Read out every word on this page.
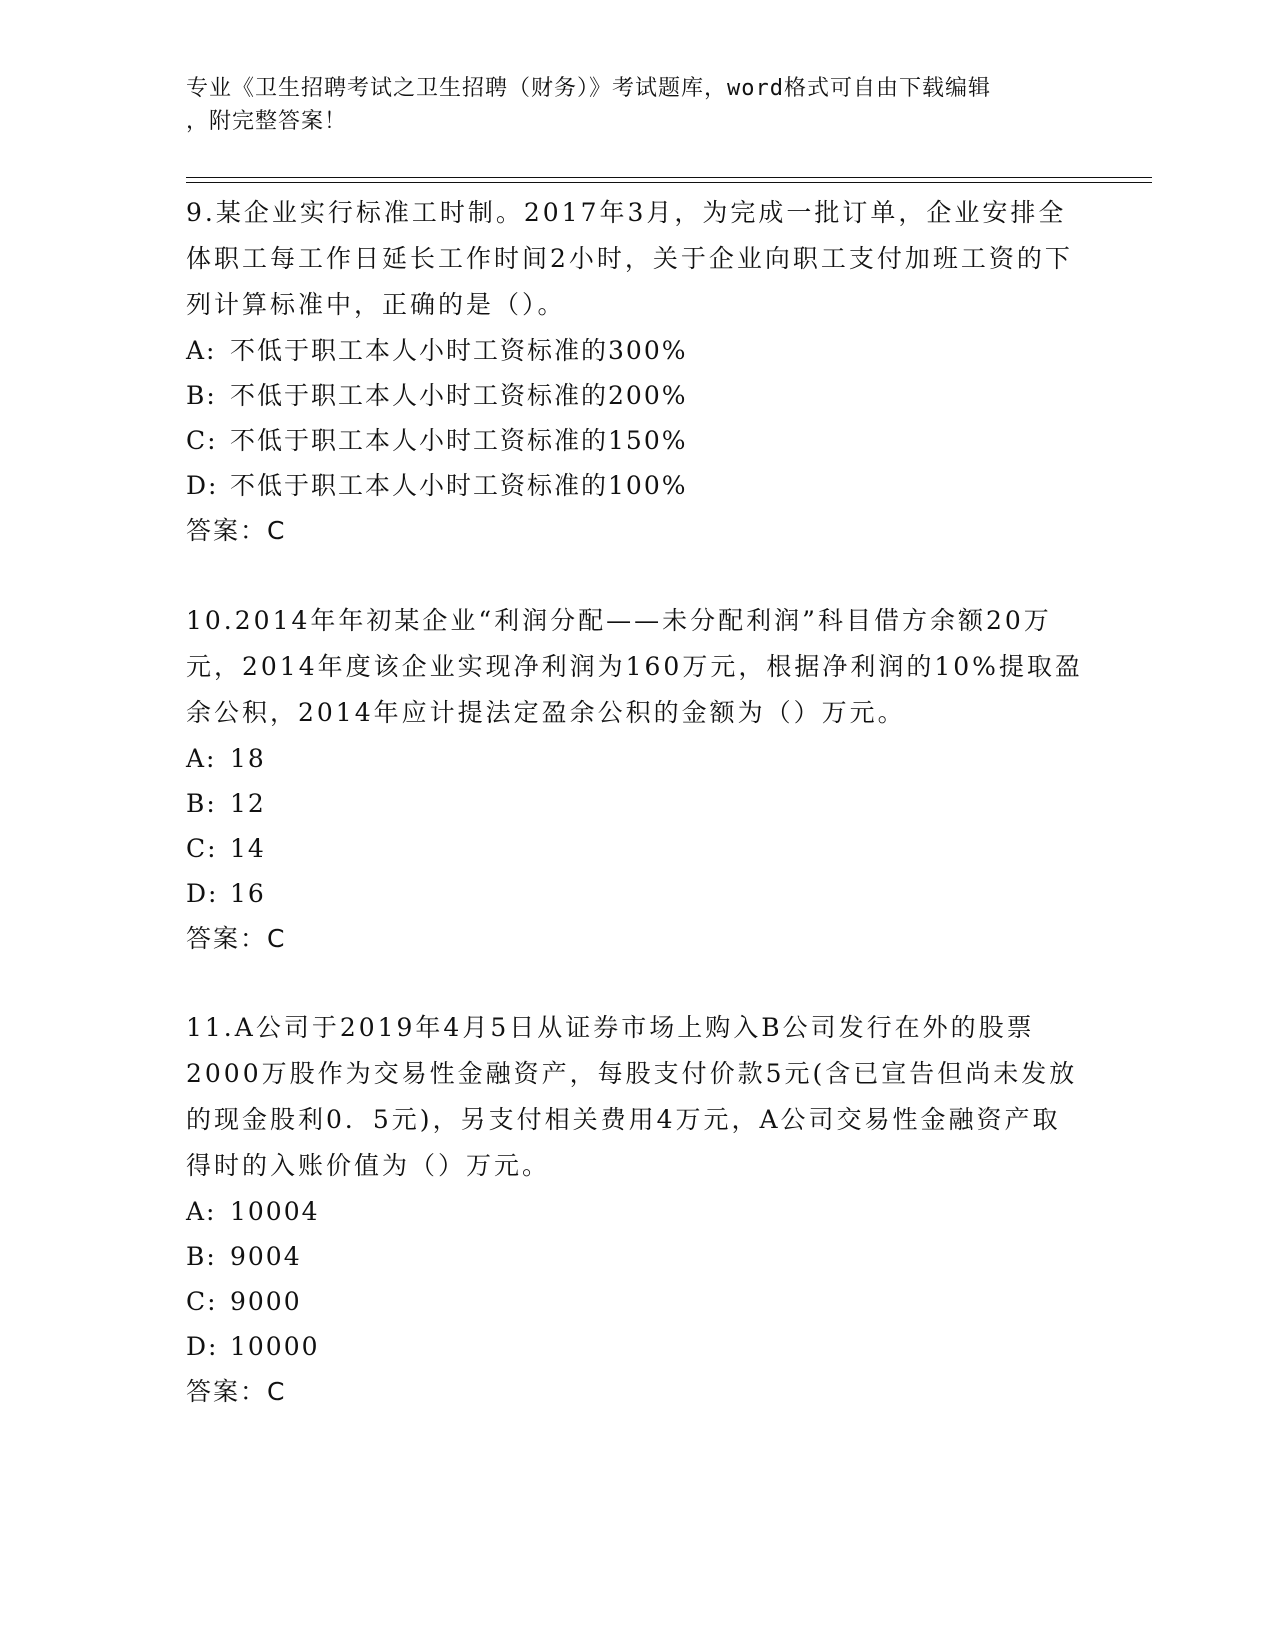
专业《卫生招聘考试之卫生招聘（财务）》考试题库，word格式可自由下载编辑
，附完整答案！

9.某企业实行标准工时制。2017年3月，为完成一批订单，企业安排全体职工每工作日延长工作时间2小时，关于企业向职工支付加班工资的下列计算标准中，正确的是（）。

A: 不低于职工本人小时工资标准的300%
B: 不低于职工本人小时工资标准的200%
C: 不低于职工本人小时工资标准的150%
D: 不低于职工本人小时工资标准的100%

答案：C

10.2014年年初某企业“利润分配——未分配利润”科目借方余额20万元，2014年度该企业实现净利润为160万元，根据净利润的10%提取盈余公积，2014年应计提法定盈余公积的金额为（）万元。

A: 18
B: 12
C: 14
D: 16

答案：C

11.A公司于2019年4月5日从证券市场上购入B公司发行在外的股票2000万股作为交易性金融资产，每股支付价款5元(含已宣告但尚未发放的现金股利0．5元)，另支付相关费用4万元，A公司交易性金融资产取得时的入账价值为（）万元。

A: 10004
B: 9004
C: 9000
D: 10000

答案：C
